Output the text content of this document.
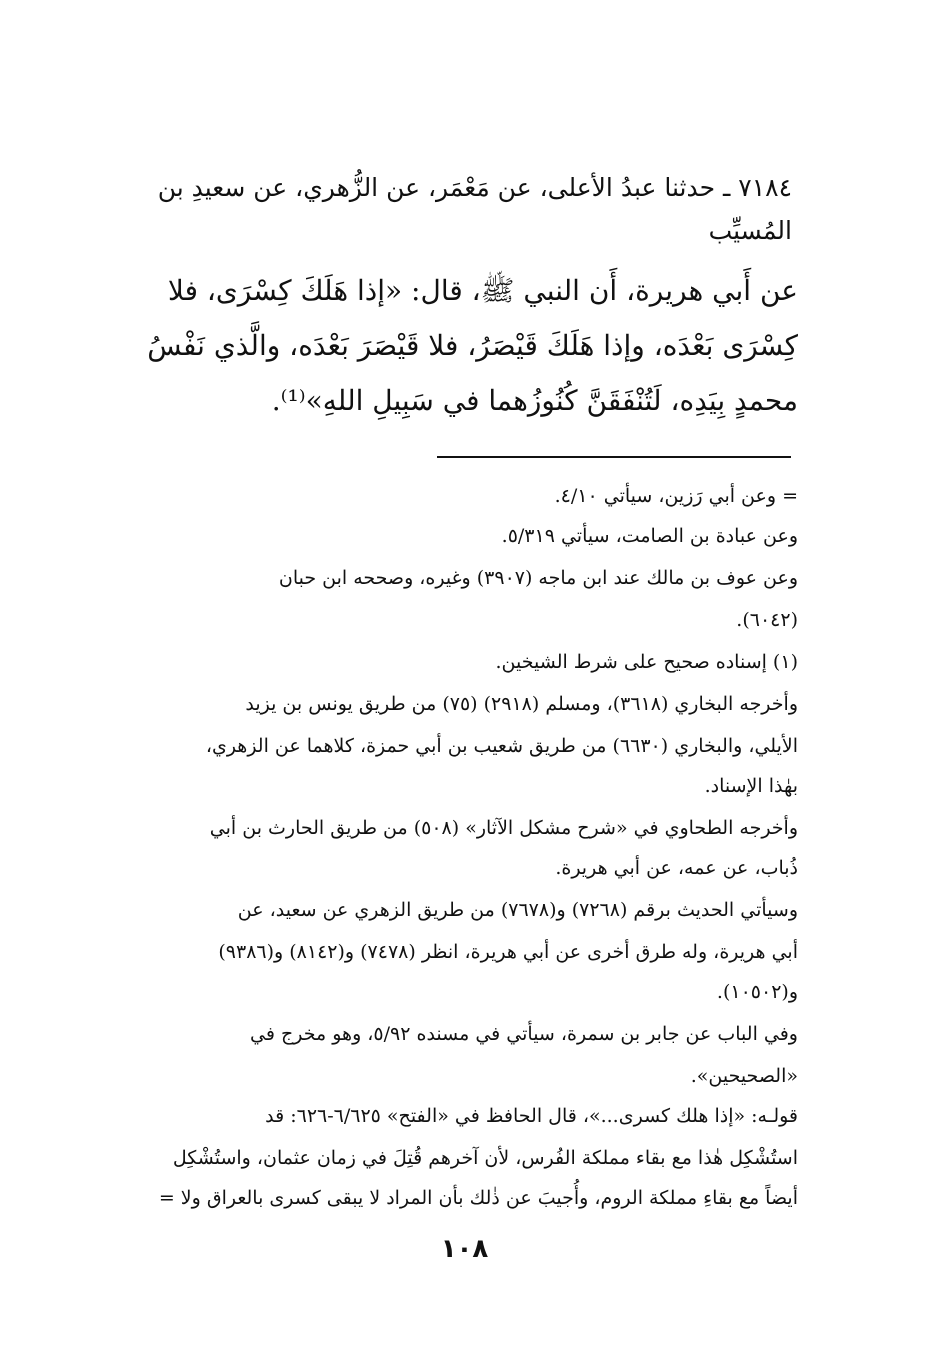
٧١٨٤ ـ حدثنا عبدُ الأعلى، عن مَعْمَر، عن الزُّهري، عن سعيدِ بن
المُسيِّب
عن أَبي هريرة، أَن النبي ﷺ، قال: «إذا هَلَكَ كِسْرَى، فلا
كِسْرَى بَعْدَه، وإذا هَلَكَ قَيْصَرُ، فلا قَيْصَرَ بَعْدَه، والَّذي نَفْسُ
محمدٍ بِيَدِه، لَتُنْفَقَنَّ كُنُوزُهما في سَبِيلِ اللهِ»⁽¹⁾.
= وعن أبي رَزين، سيأتي ٤/١٠.
وعن عبادة بن الصامت، سيأتي ٥/٣١٩.
وعن عوف بن مالك عند ابن ماجه (٣٩٠٧) وغيره، وصححه ابن حبان
(٦٠٤٢).
(١) إسناده صحيح على شرط الشيخين.
وأخرجه البخاري (٣٦١٨)، ومسلم (٢٩١٨) (٧٥) من طريق يونس بن يزيد
الأيلي، والبخاري (٦٦٣٠) من طريق شعيب بن أبي حمزة، كلاهما عن الزهري،
بهٰذا الإسناد.
وأخرجه الطحاوي في «شرح مشكل الآثار» (٥٠٨) من طريق الحارث بن أبي
ذُباب، عن عمه، عن أبي هريرة.
وسيأتي الحديث برقم (٧٢٦٨) و(٧٦٧٨) من طريق الزهري عن سعيد، عن
أبي هريرة، وله طرق أخرى عن أبي هريرة، انظر (٧٤٧٨) و(٨١٤٢) و(٩٣٨٦)
و(١٠٥٠٢).
وفي الباب عن جابر بن سمرة، سيأتي في مسنده ٥/٩٢، وهو مخرج في
«الصحيحين».
قولـه: «إذا هلك كسرى...»، قال الحافظ في «الفتح» ٦/٦٢٥-٦٢٦: قد
استُشْكِل هٰذا مع بقاء مملكة الفُرس، لأن آخرهم قُتِلَ في زمان عثمان، واستُشْكِل
أيضاً مع بقاءِ مملكة الروم، وأُجيبَ عن ذٰلك بأن المراد لا يبقى كسرى بالعراق ولا =
١٠٨
